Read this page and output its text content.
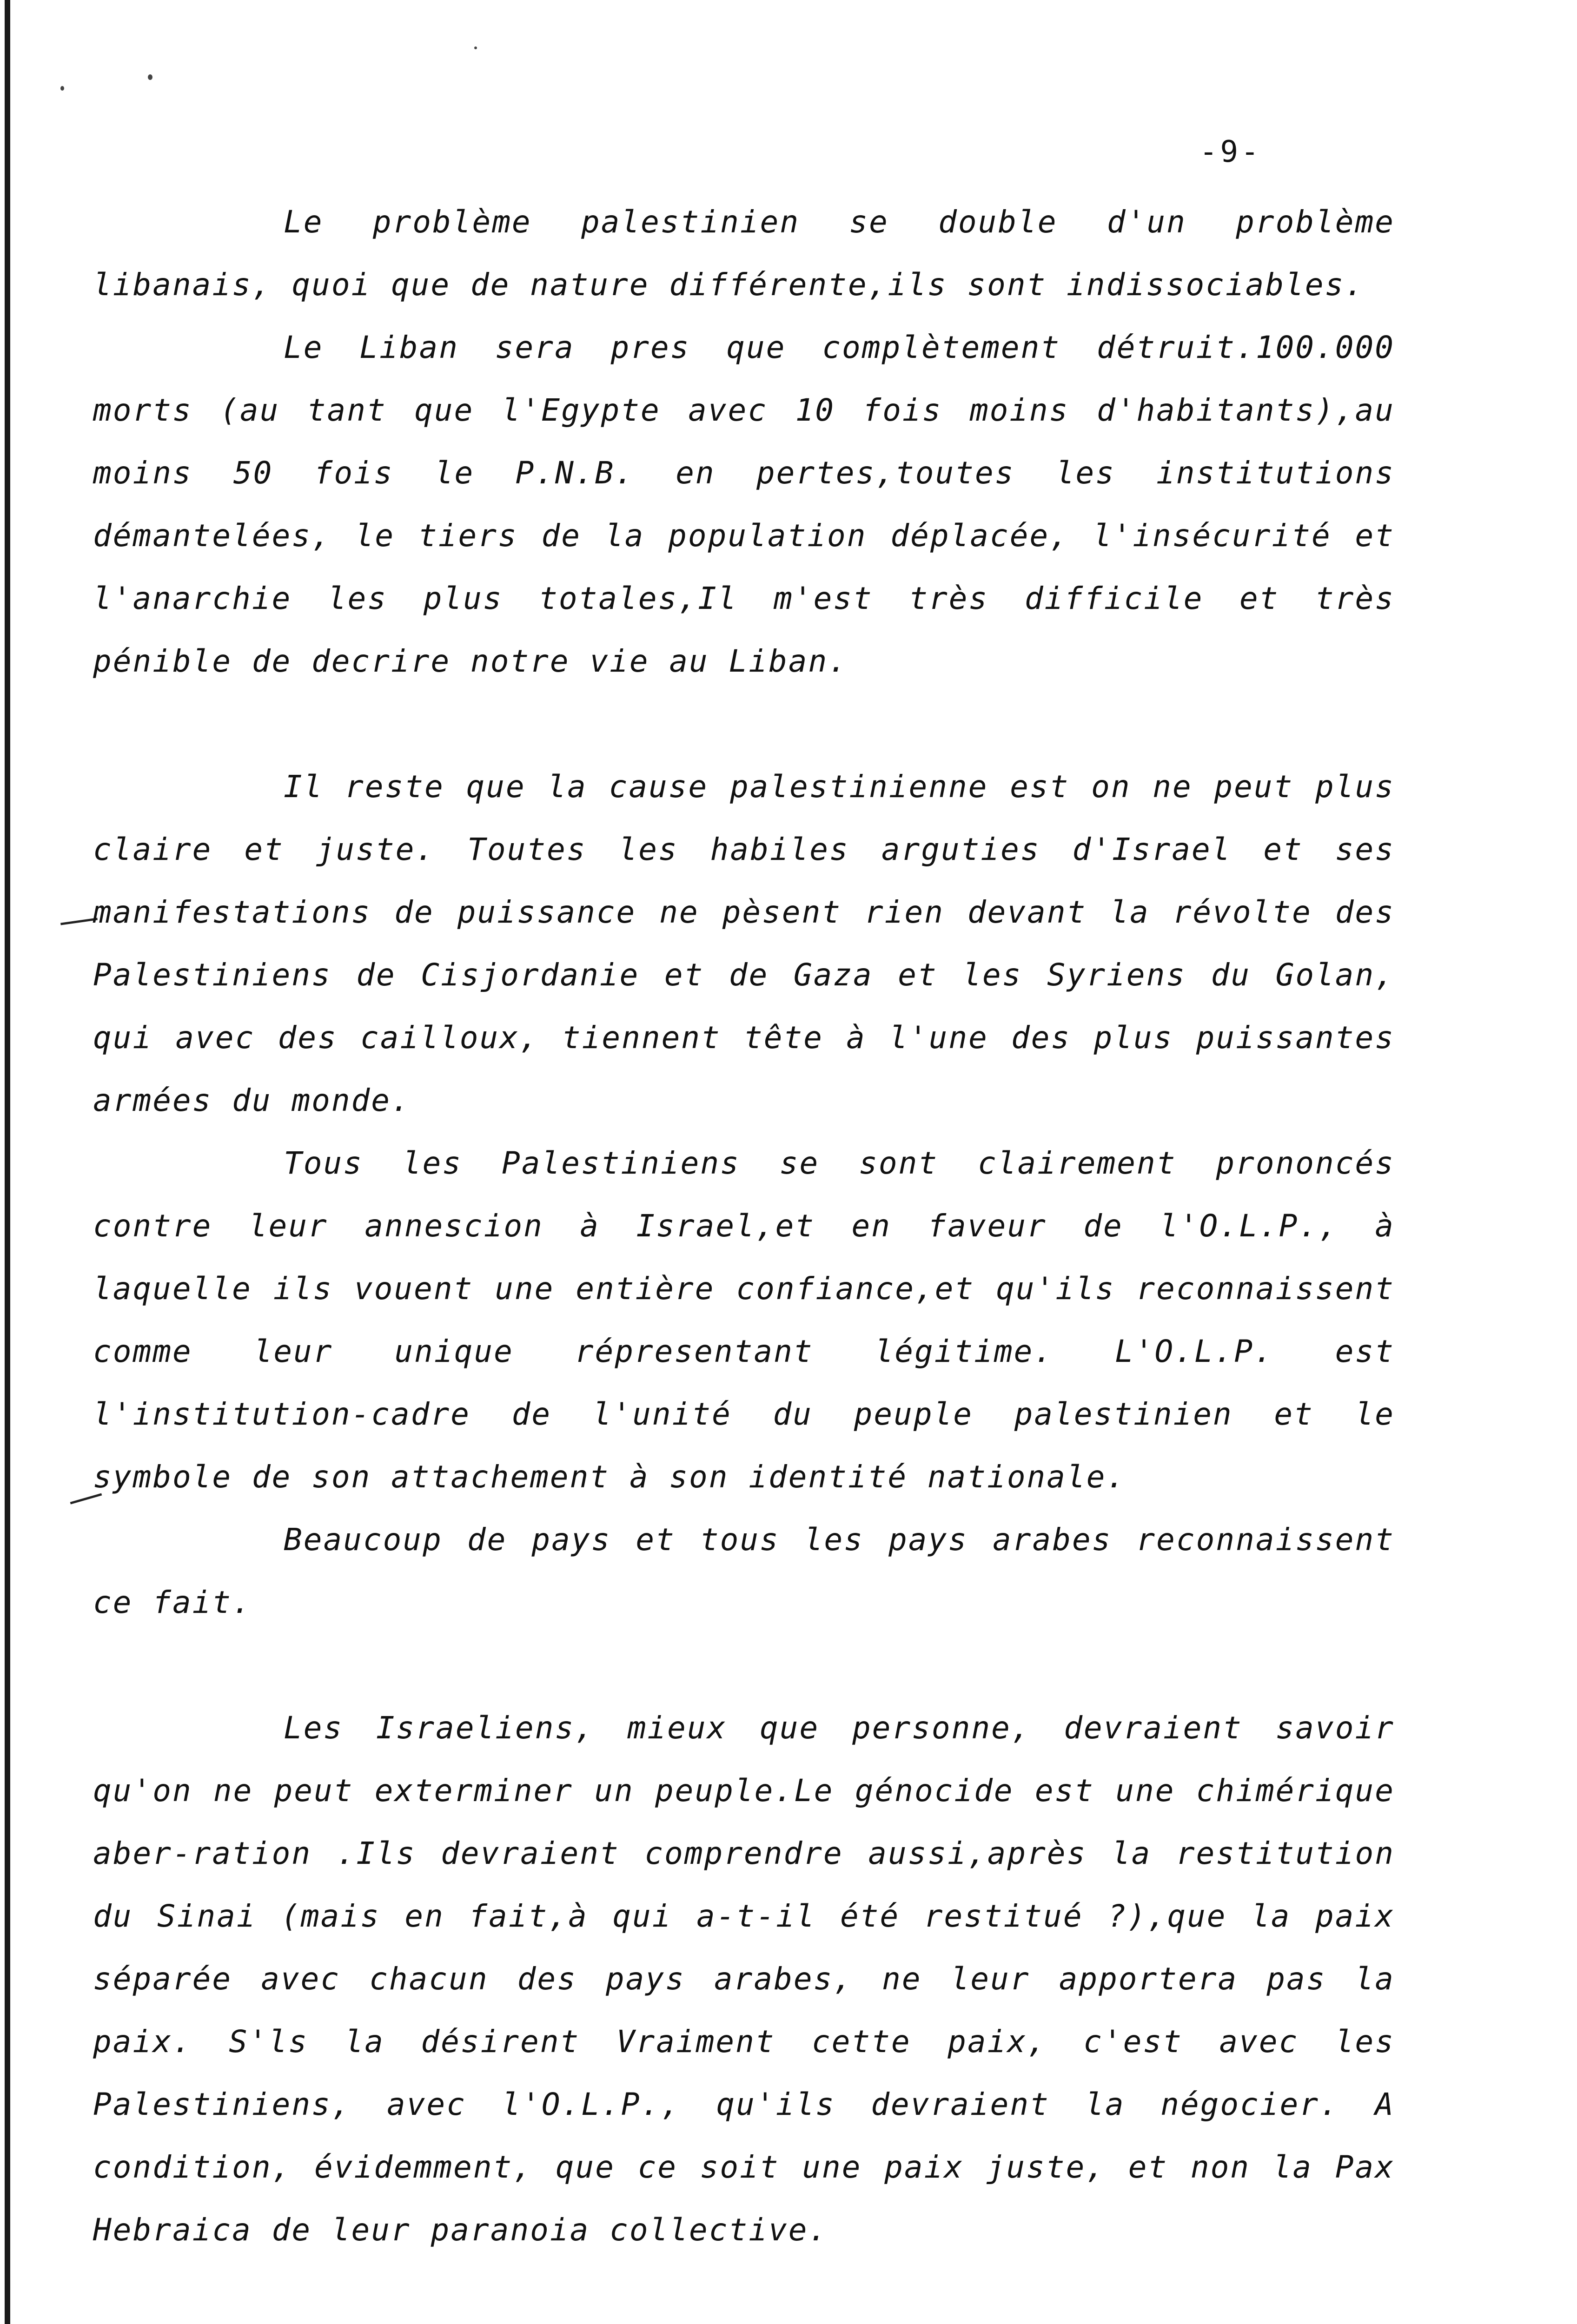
-9-

Le problème palestinien se double d'un problème libanais, quoi que de nature différente,ils sont indissociables.

Le Liban sera pres que complètement détruit.100.000 morts (au tant que l'Egypte avec 10 fois moins d'habitants),au moins 50 fois le P.N.B. en pertes,toutes les institutions démantelées, le tiers de la population déplacée, l'insécurité et l'anarchie les plus totales,Il m'est très difficile et très pénible de decrire notre vie au Liban.

Il reste que la cause palestinienne est on ne peut plus claire et juste. Toutes les habiles arguties d'Israel et ses manifestations de puissance ne pèsent rien devant la révolte des Palestiniens de Cisjordanie et de Gaza et les Syriens du Golan, qui avec des cailloux, tiennent tête à l'une des plus puissantes armées du monde.

Tous les Palestiniens se sont clairement prononcés contre leur annescion à Israel,et en faveur de l'O.L.P., à laquelle ils vouent une entière confiance,et qu'ils reconnaissent comme leur unique répresentant légitime. L'O.L.P. est l'institution-cadre de l'unité du peuple palestinien et le symbole de son attachement à son identité nationale.

Beaucoup de pays et tous les pays arabes reconnaissent ce fait.

Les Israeliens, mieux que personne, devraient savoir qu'on ne peut exterminer un peuple.Le génocide est une chimérique aber-ration .Ils devraient comprendre aussi,après la restitution du Sinai (mais en fait,à qui a-t-il été restitué ?),que la paix séparée avec chacun des pays arabes, ne leur apportera pas la paix. S'ls la désirent Vraiment cette paix, c'est avec les Palestiniens, avec l'O.L.P., qu'ils devraient la négocier. A condition, évidemment, que ce soit une paix juste, et non la Pax Hebraica de leur paranoia collective.
